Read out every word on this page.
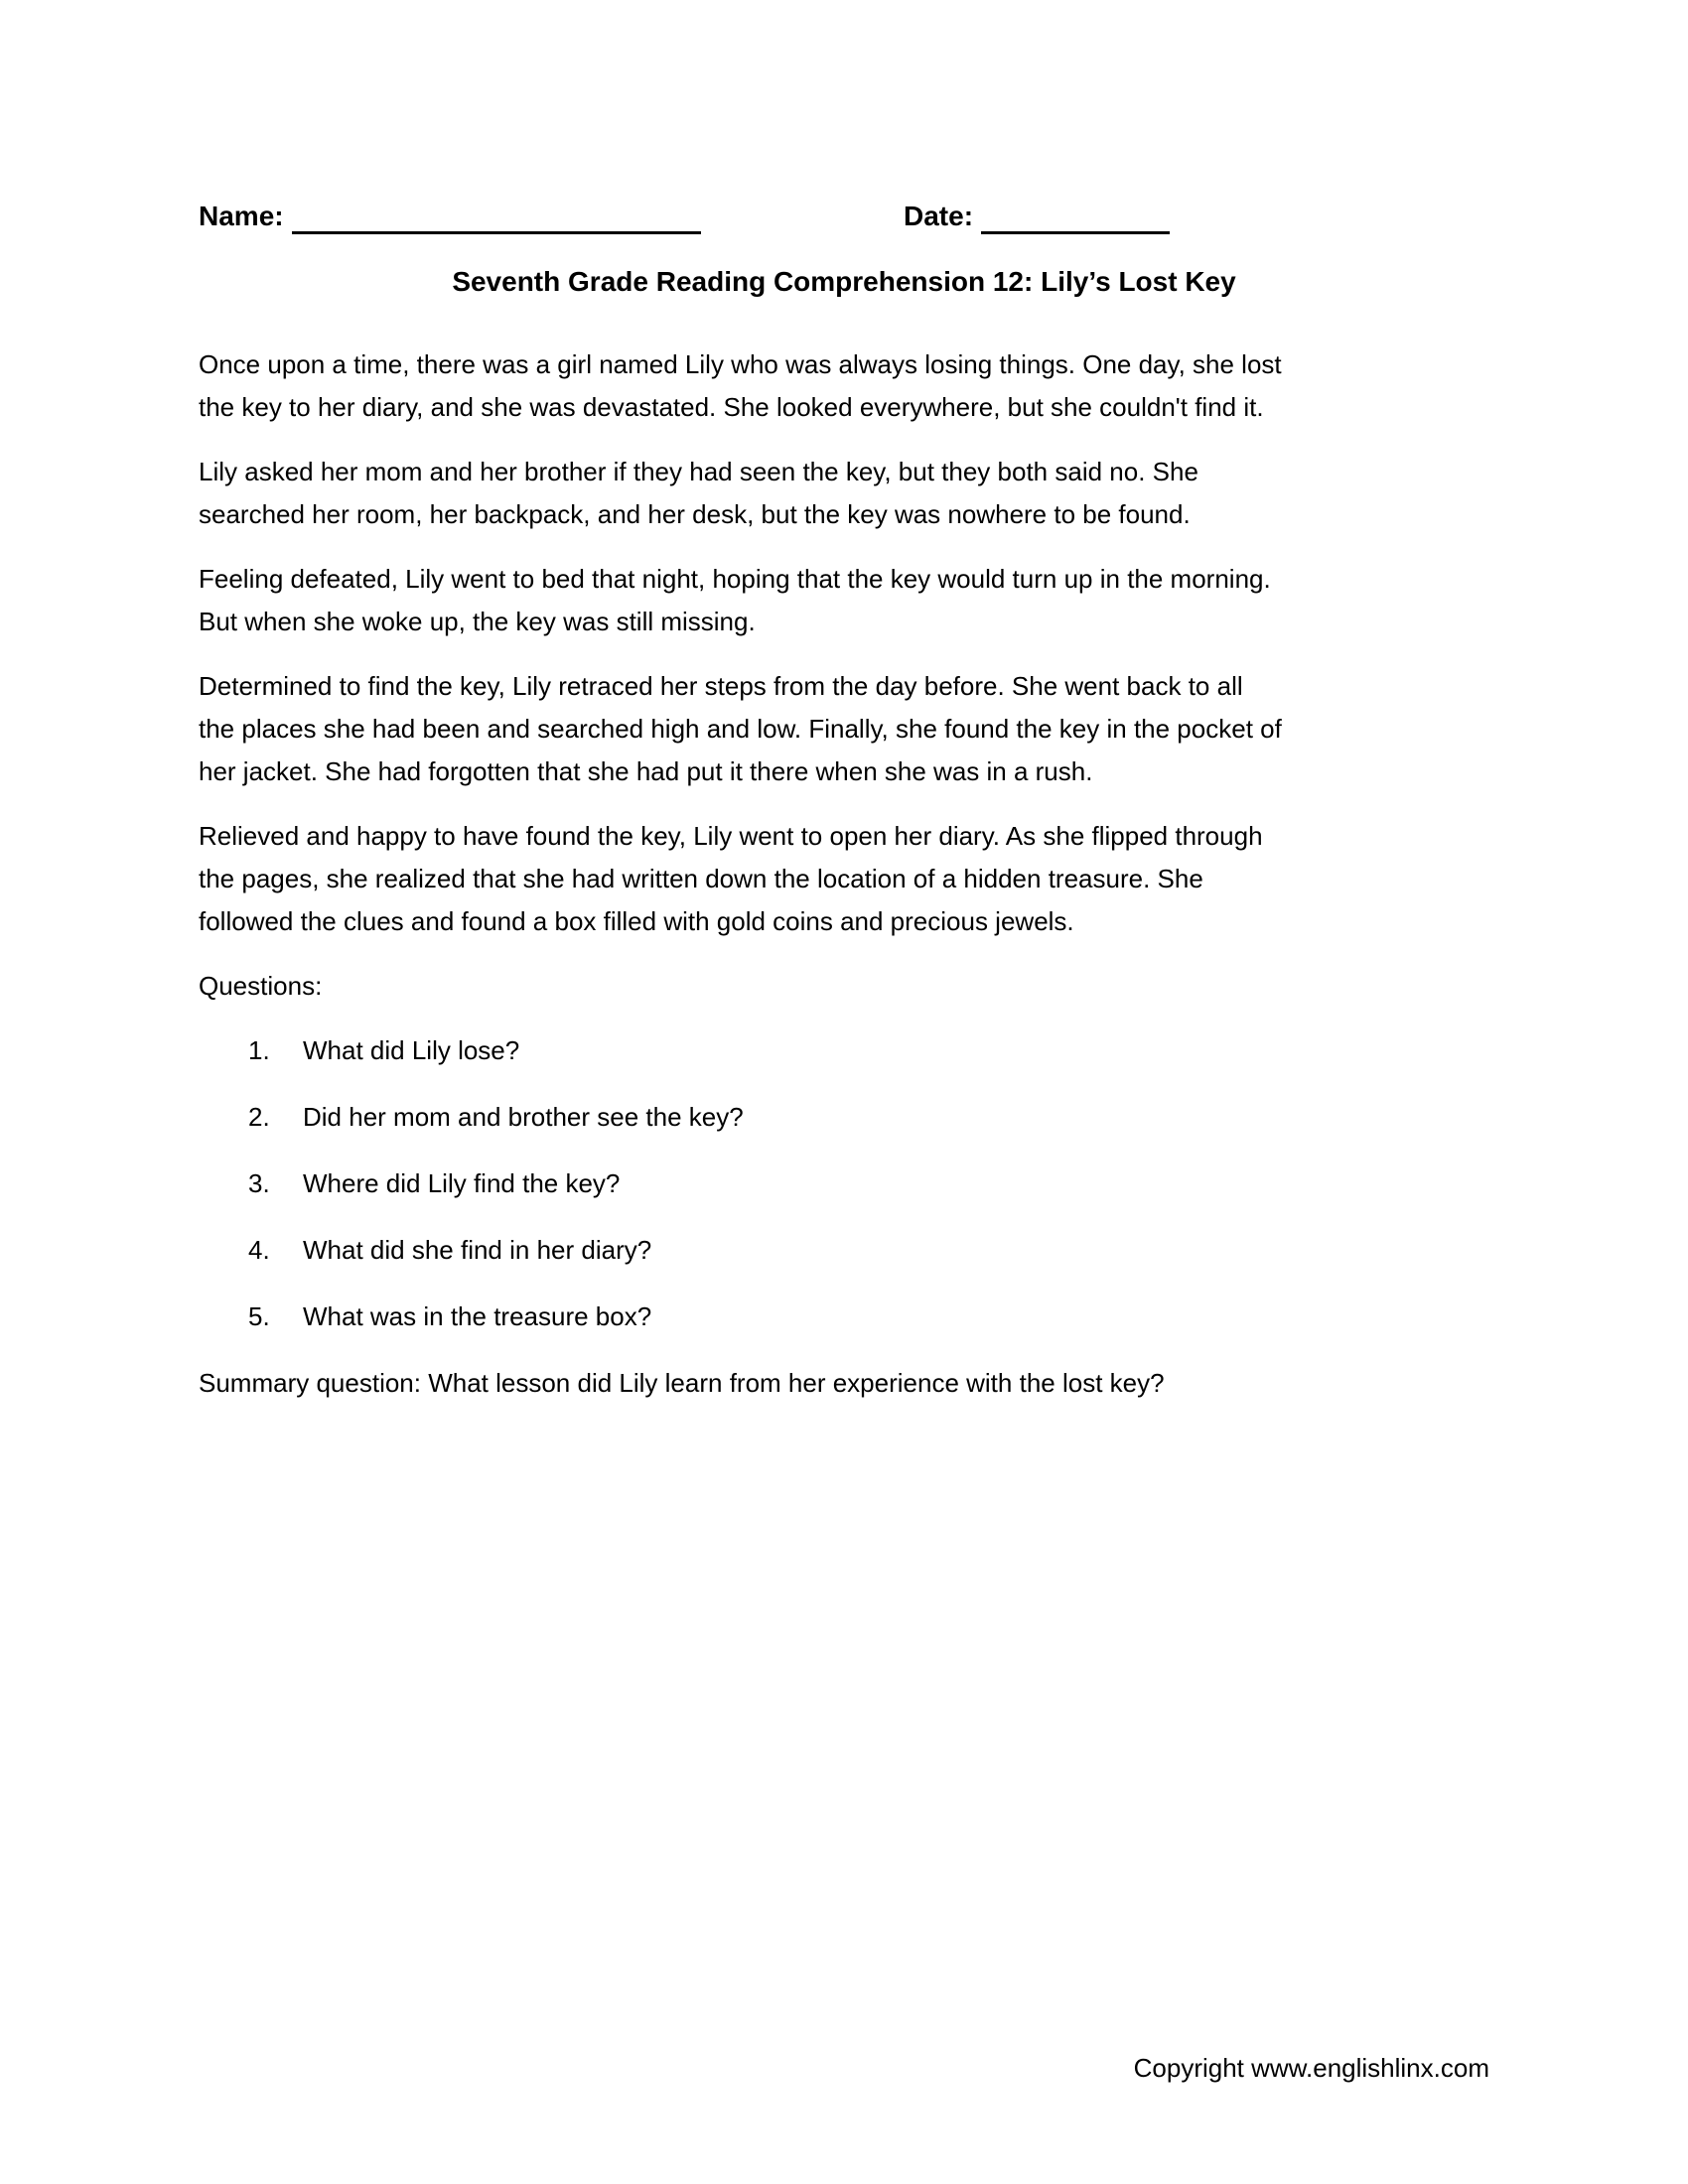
Name:	Date:
Seventh Grade Reading Comprehension 12: Lily’s Lost Key

Once upon a time, there was a girl named Lily who was always losing things. One day, she lost
the key to her diary, and she was devastated. She looked everywhere, but she couldn't find it.

Lily asked her mom and her brother if they had seen the key, but they both said no. She
searched her room, her backpack, and her desk, but the key was nowhere to be found.

Feeling defeated, Lily went to bed that night, hoping that the key would turn up in the morning.
But when she woke up, the key was still missing.

Determined to find the key, Lily retraced her steps from the day before. She went back to all
the places she had been and searched high and low. Finally, she found the key in the pocket of
her jacket. She had forgotten that she had put it there when she was in a rush.

Relieved and happy to have found the key, Lily went to open her diary. As she flipped through
the pages, she realized that she had written down the location of a hidden treasure. She
followed the clues and found a box filled with gold coins and precious jewels.

Questions:
1.	What did Lily lose?
2.	Did her mom and brother see the key?
3.	Where did Lily find the key?
4.	What did she find in her diary?
5.	What was in the treasure box?

Summary question: What lesson did Lily learn from her experience with the lost key?

Copyright www.englishlinx.com
